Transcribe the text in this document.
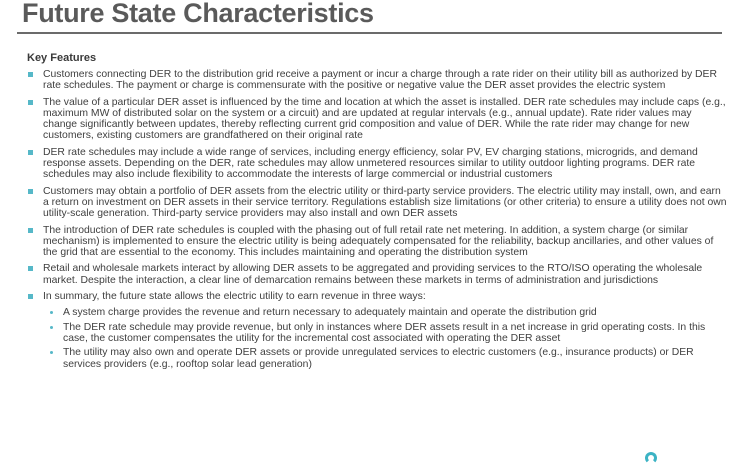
Future State Characteristics
Key Features
Customers connecting DER to the distribution grid receive a payment or incur a charge through a rate rider on their utility bill as authorized by DER rate schedules. The payment or charge is commensurate with the positive or negative value the DER asset provides the electric system
The value of a particular DER asset is influenced by the time and location at which the asset is installed. DER rate schedules may include caps (e.g., maximum MW of distributed solar on the system or a circuit) and are updated at regular intervals (e.g., annual update). Rate rider values may change significantly between updates, thereby reflecting current grid composition and value of DER. While the rate rider may change for new customers, existing customers are grandfathered on their original rate
DER rate schedules may include a wide range of services, including energy efficiency, solar PV, EV charging stations, microgrids, and demand response assets. Depending on the DER, rate schedules may allow unmetered resources similar to utility outdoor lighting programs. DER rate schedules may also include flexibility to accommodate the interests of large commercial or industrial customers
Customers may obtain a portfolio of DER assets from the electric utility or third-party service providers. The electric utility may install, own, and earn a return on investment on DER assets in their service territory. Regulations establish size limitations (or other criteria) to ensure a utility does not own utility-scale generation. Third-party service providers may also install and own DER assets
The introduction of DER rate schedules is coupled with the phasing out of full retail rate net metering. In addition, a system charge (or similar mechanism) is implemented to ensure the electric utility is being adequately compensated for the reliability, backup ancillaries, and other values of the grid that are essential to the economy. This includes maintaining and operating the distribution system
Retail and wholesale markets interact by allowing DER assets to be aggregated and providing services to the RTO/ISO operating the wholesale market. Despite the interaction, a clear line of demarcation remains between these markets in terms of administration and jurisdictions
In summary, the future state allows the electric utility to earn revenue in three ways:
A system charge provides the revenue and return necessary to adequately maintain and operate the distribution grid
The DER rate schedule may provide revenue, but only in instances where DER assets result in a net increase in grid operating costs. In this case, the customer compensates the utility for the incremental cost associated with operating the DER asset
The utility may also own and operate DER assets or provide unregulated services to electric customers (e.g., insurance products) or DER services providers (e.g., rooftop solar lead generation)
